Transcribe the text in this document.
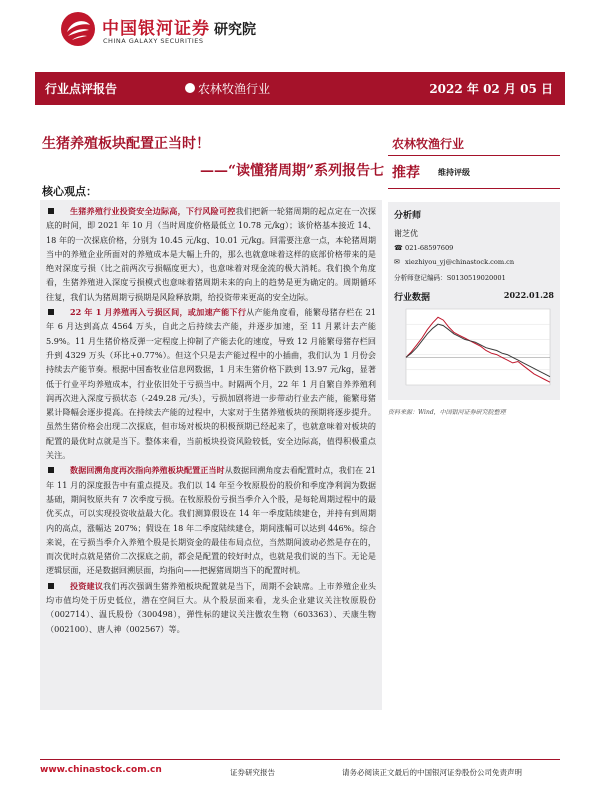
中国银河证券 研究院
CHINA GALAXY SECURITIES
行业点评报告	农林牧渔行业	2022 年 02 月 05 日
生猪养殖板块配置正当时！
——“读懂猪周期”系列报告七
核心观点：

生猪养殖行业投资安全边际高，下行风险可控我们把新一轮猪周期的起点定在一次探底的时间，即 2021 年 10 月（当时周度价格最低立 10.78 元/kg）；该价格基本接近 14、18 年的一次探底价格，分别为 10.45 元/kg、10.01 元/kg。回需要注意一点，本轮猪周期当中的养殖企业所面对的养殖成本是大幅上升的，那么也就意味着这样的底部价格带来的是绝对深度亏损（比之前两次亏损幅度更大），也意味着对现金流的极大消耗。我们换个角度看，生猪养殖进入深度亏损模式也意味着猪周期未来的向上的趋势是更为确定的。周期循环往复，我们认为猪周期亏损期是风险释放期，给投资带来更高的安全边际。

22 年 1 月养殖再入亏损区间，或加速产能下行从产能角度看，能繁母猪存栏在 21 年 6 月达到高点 4564 万头，自此之后持续去产能，并逐步加速，至 11 月累计去产能 5.9%。11 月生猪价格反弹一定程度上抑制了产能去化的速度，导致 12 月能繁母猪存栏回升到 4329 万头（环比+0.77%）。但这个只是去产能过程中的小插曲，我们认为 1 月份会持续去产能节奏。根据中国畜牧业信息网数据，1 月末生猪价格下跌到 13.97 元/kg，显著低于行业平均养殖成本，行业依旧处于亏损当中。时隔两个月，22 年 1 月自繁自养养殖利润再次进入深度亏损状态（-249.28 元/头），亏损加剧将进一步带动行业去产能，能繁母猪累计降幅会逐步提高。在持续去产能的过程中，大家对于生猪养殖板块的预期将逐步提升。虽然生猪价格会出现二次探底，但市场对板块的积极预期已经起来了，也就意味着对板块的配置的最优时点就是当下。整体来看，当前板块投资风险较低，安全边际高，值得积极重点关注。

数据回溯角度再次指向养殖板块配置正当时从数据回溯角度去看配置时点，我们在 21 年 11 月的深度报告中有重点提及。我们以 14 年至今牧原股份的股价和季度净利润为数据基础，期间牧原共有 7 次季度亏损。在牧原股份亏损当季介入个股，是每轮周期过程中的最优买点，可以实现投资收益最大化。我们测算假设在 14 年一季度陆续建仓，并持有到周期内的高点，涨幅达 207%；假设在 18 年二季度陆续建仓，期间涨幅可以达到 446%。综合来说，在亏损当季介入养殖个股是长期资金的最佳布局点位，当然期间波动必然是存在的，而次优时点就是猪价二次探底之前，都会是配置的较好时点，也就是我们说的当下。无论是逻辑层面，还是数据回溯层面，均指向——把握猪周期当下的配置时机。

投资建议我们再次强调生猪养殖板块配置就是当下，周期不会缺席。上市养殖企业头均市值均处于历史低位，潜在空间巨大。从个股层面来看，龙头企业建议关注牧原股份（002714）、温氏股份（300498），弹性标的建议关注傲农生物（603363）、天康生物（002100）、唐人神（002567）等。

农林牧渔行业
推荐 维持评级
分析师
谢芝优
☎ 021-68597609
✉ xiezhiyou_yj@chinastock.com.cn
分析师登记编码：S0130519020001
行业数据	2022.01.28
资料来源：Wind，中国银河证券研究院整理
www.chinastock.com.cn	证券研究报告	请务必阅读正文最后的中国银河证券股份公司免责声明
